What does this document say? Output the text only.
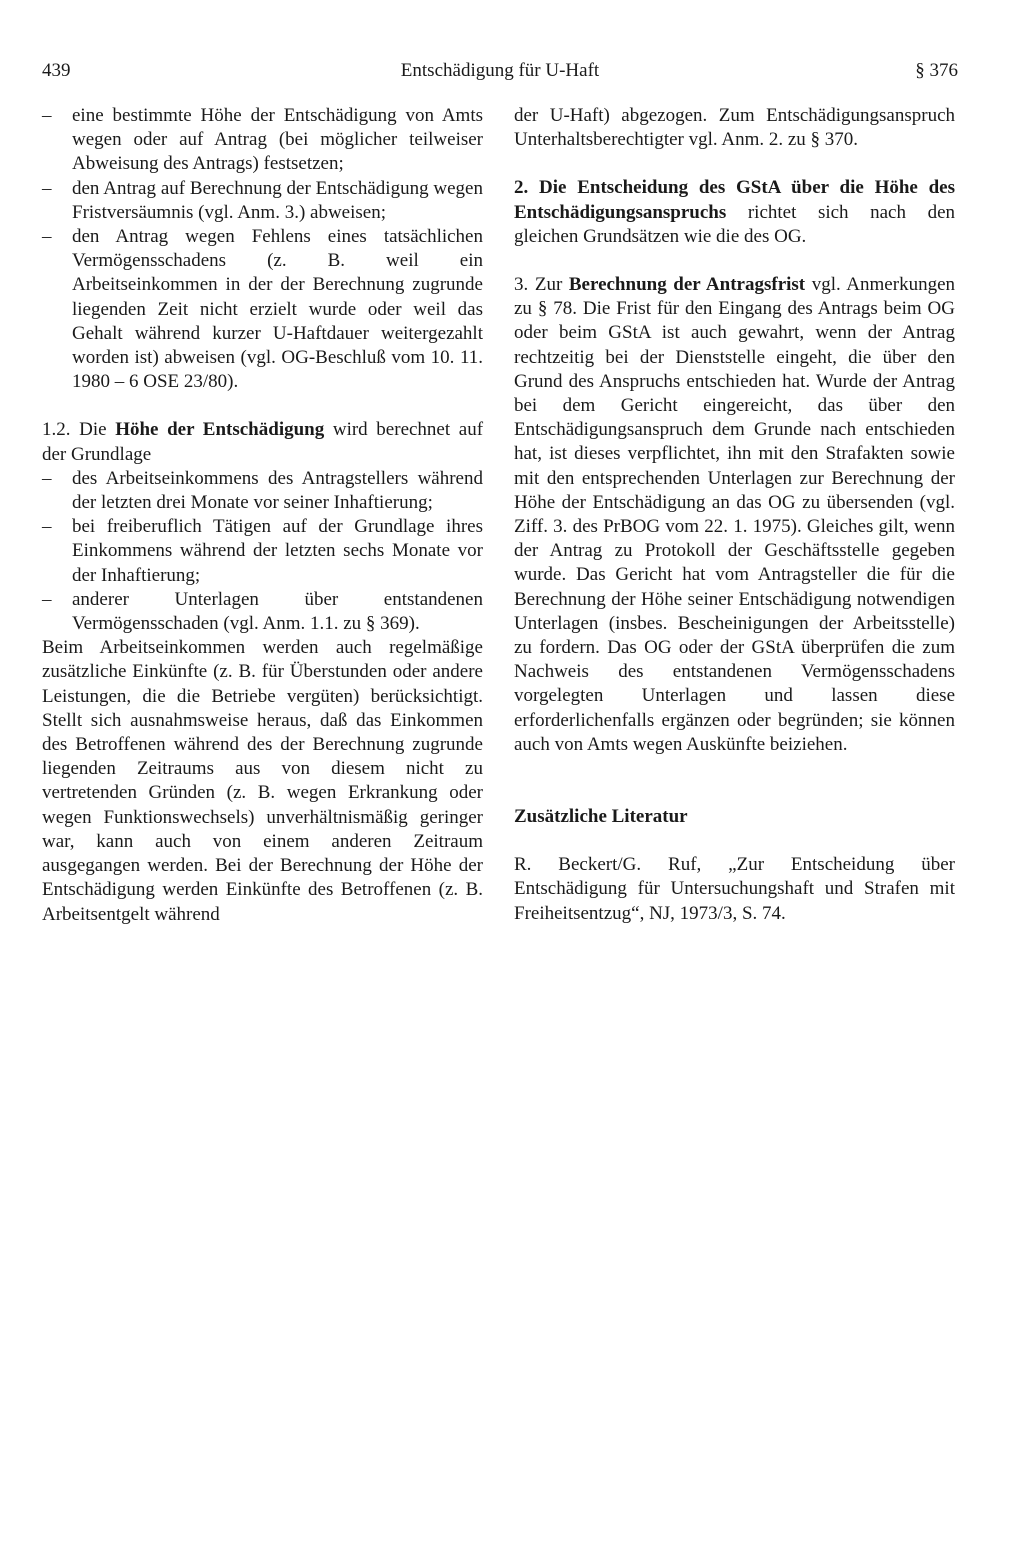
439	Entschädigung für U-Haft	§ 376
– eine bestimmte Höhe der Entschädigung von Amts wegen oder auf Antrag (bei möglicher teilweiser Abweisung des Antrags) festsetzen;
– den Antrag auf Berechnung der Entschädigung wegen Fristversäumnis (vgl. Anm. 3.) abweisen;
– den Antrag wegen Fehlens eines tatsächlichen Vermögensschadens (z. B. weil ein Arbeitseinkommen in der der Berechnung zugrunde liegenden Zeit nicht erzielt wurde oder weil das Gehalt während kurzer U-Haftdauer weitergezahlt worden ist) abweisen (vgl. OG-Beschluß vom 10. 11. 1980 – 6 OSE 23/80).

1.2. Die Höhe der Entschädigung wird berechnet auf der Grundlage

– des Arbeitseinkommens des Antragstellers während der letzten drei Monate vor seiner Inhaftierung;
– bei freiberuflich Tätigen auf der Grundlage ihres Einkommens während der letzten sechs Monate vor der Inhaftierung;
– anderer Unterlagen über entstandenen Vermögensschaden (vgl. Anm. 1.1. zu § 369).

Beim Arbeitseinkommen werden auch regelmäßige zusätzliche Einkünfte (z. B. für Überstunden oder andere Leistungen, die die Betriebe vergüten) berücksichtigt. Stellt sich ausnahmsweise heraus, daß das Einkommen des Betroffenen während des der Berechnung zugrunde liegenden Zeitraums aus von diesem nicht zu vertretenden Gründen (z. B. wegen Erkrankung oder wegen Funktionswechsels) unverhältnismäßig geringer war, kann auch von einem anderen Zeitraum ausgegangen werden. Bei der Berechnung der Höhe der Entschädigung werden Einkünfte des Betroffenen (z. B. Arbeitsentgelt während

der U-Haft) abgezogen. Zum Entschädigungsanspruch Unterhaltsberechtigter vgl. Anm. 2. zu § 370.

2. Die Entscheidung des GStA über die Höhe des Entschädigungsanspruchs richtet sich nach den gleichen Grundsätzen wie die des OG.

3. Zur Berechnung der Antragsfrist vgl. Anmerkungen zu § 78. Die Frist für den Eingang des Antrags beim OG oder beim GStA ist auch gewahrt, wenn der Antrag rechtzeitig bei der Dienststelle eingeht, die über den Grund des Anspruchs entschieden hat. Wurde der Antrag bei dem Gericht eingereicht, das über den Entschädigungsanspruch dem Grunde nach entschieden hat, ist dieses verpflichtet, ihn mit den Strafakten sowie mit den entsprechenden Unterlagen zur Berechnung der Höhe der Entschädigung an das OG zu übersenden (vgl. Ziff. 3. des PrBOG vom 22. 1. 1975). Gleiches gilt, wenn der Antrag zu Protokoll der Geschäftsstelle gegeben wurde. Das Gericht hat vom Antragsteller die für die Berechnung der Höhe seiner Entschädigung notwendigen Unterlagen (insbes. Bescheinigungen der Arbeitsstelle) zu fordern. Das OG oder der GStA überprüfen die zum Nachweis des entstandenen Vermögensschadens vorgelegten Unterlagen und lassen diese erforderlichenfalls ergänzen oder begründen; sie können auch von Amts wegen Auskünfte beiziehen.

Zusätzliche Literatur

R. Beckert/G. Ruf, „Zur Entscheidung über Entschädigung für Untersuchungshaft und Strafen mit Freiheitsentzug“, NJ, 1973/3, S. 74.
